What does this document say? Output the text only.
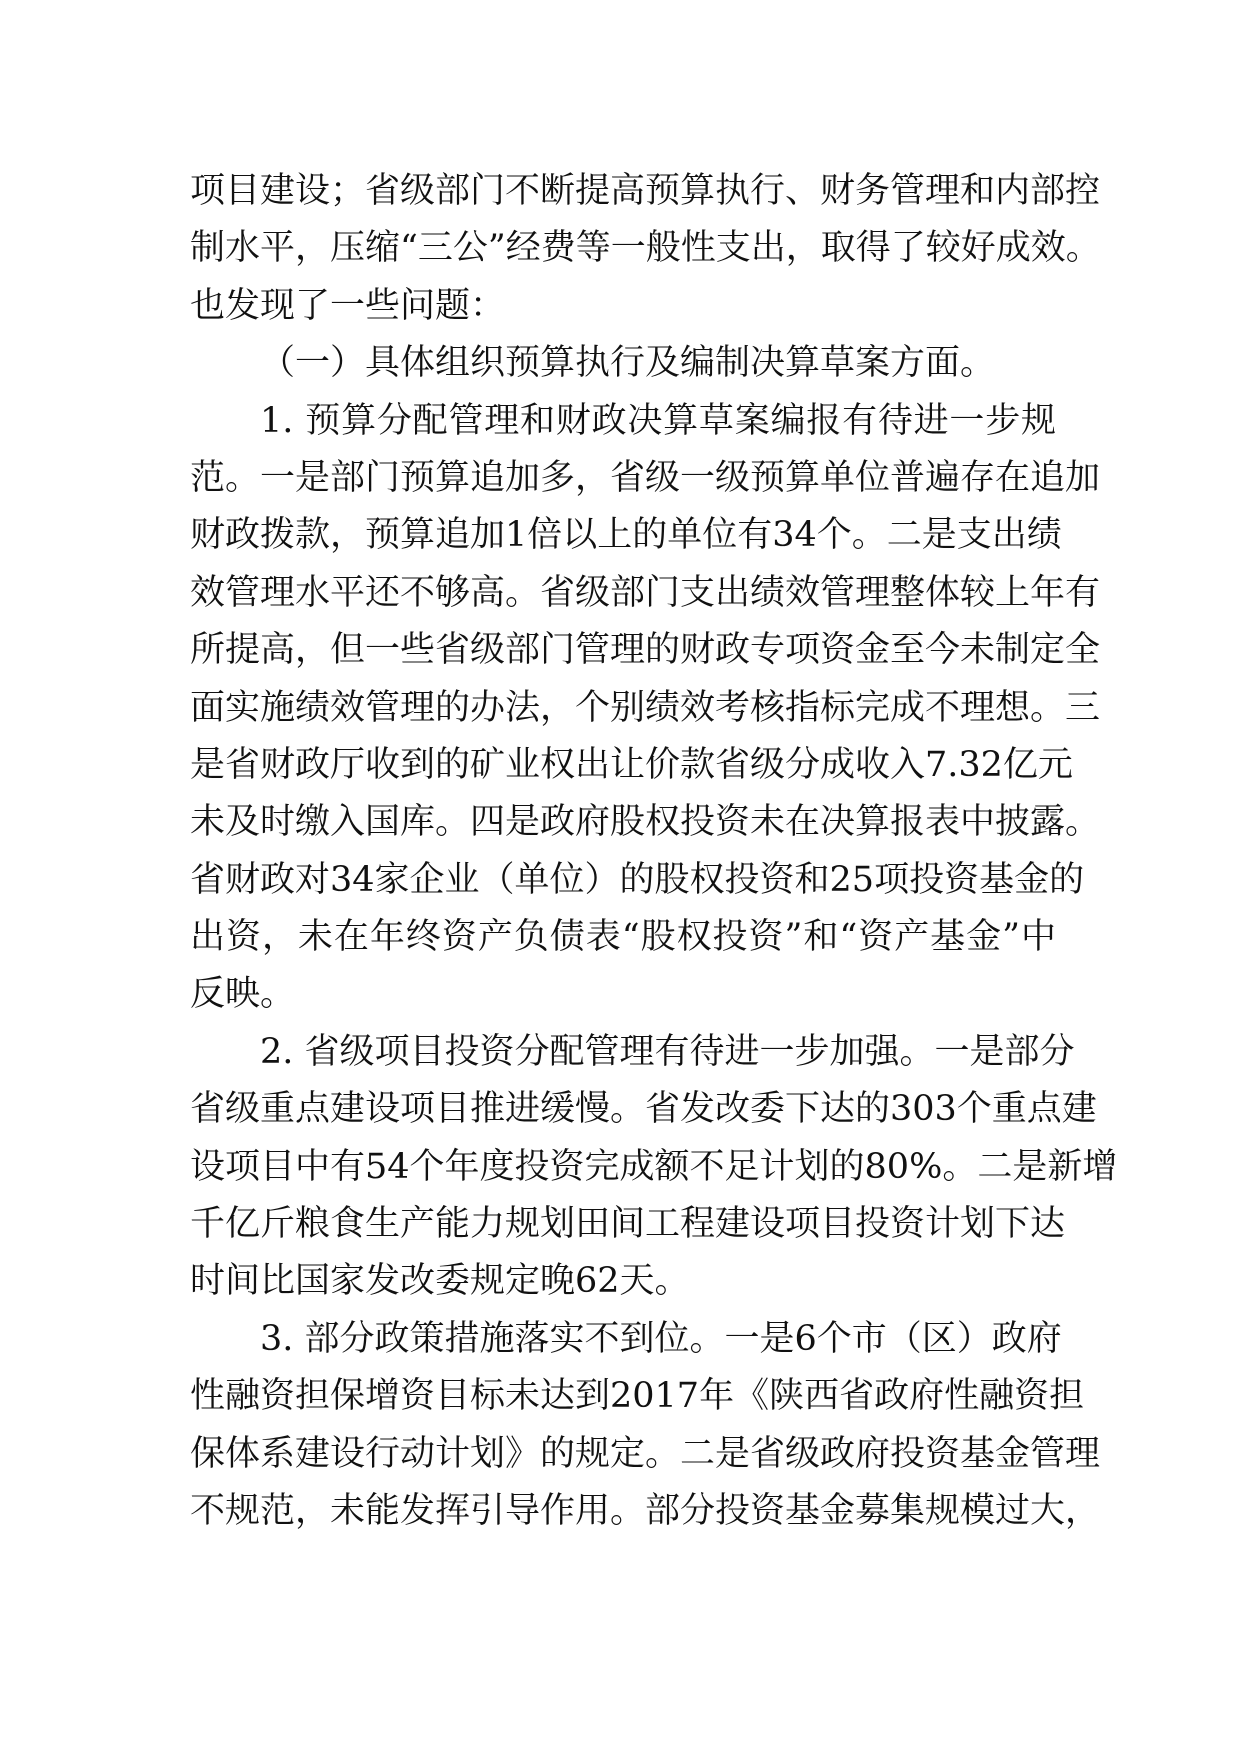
项目建设；省级部门不断提高预算执行、财务管理和内部控
制水平，压缩“三公”经费等一般性支出，取得了较好成效。
也发现了一些问题：
（一）具体组织预算执行及编制决算草案方面。
1. 预算分配管理和财政决算草案编报有待进一步规
范。一是部门预算追加多，省级一级预算单位普遍存在追加
财政拨款，预算追加1倍以上的单位有34个。二是支出绩
效管理水平还不够高。省级部门支出绩效管理整体较上年有
所提高，但一些省级部门管理的财政专项资金至今未制定全
面实施绩效管理的办法，个别绩效考核指标完成不理想。三
是省财政厅收到的矿业权出让价款省级分成收入7.32亿元
未及时缴入国库。四是政府股权投资未在决算报表中披露。
省财政对34家企业（单位）的股权投资和25项投资基金的
出资，未在年终资产负债表“股权投资”和“资产基金”中
反映。
2. 省级项目投资分配管理有待进一步加强。一是部分
省级重点建设项目推进缓慢。省发改委下达的303个重点建
设项目中有54个年度投资完成额不足计划的80%。二是新增
千亿斤粮食生产能力规划田间工程建设项目投资计划下达
时间比国家发改委规定晚62天。
3. 部分政策措施落实不到位。一是6个市（区）政府
性融资担保增资目标未达到2017年《陕西省政府性融资担
保体系建设行动计划》的规定。二是省级政府投资基金管理
不规范，未能发挥引导作用。部分投资基金募集规模过大，
